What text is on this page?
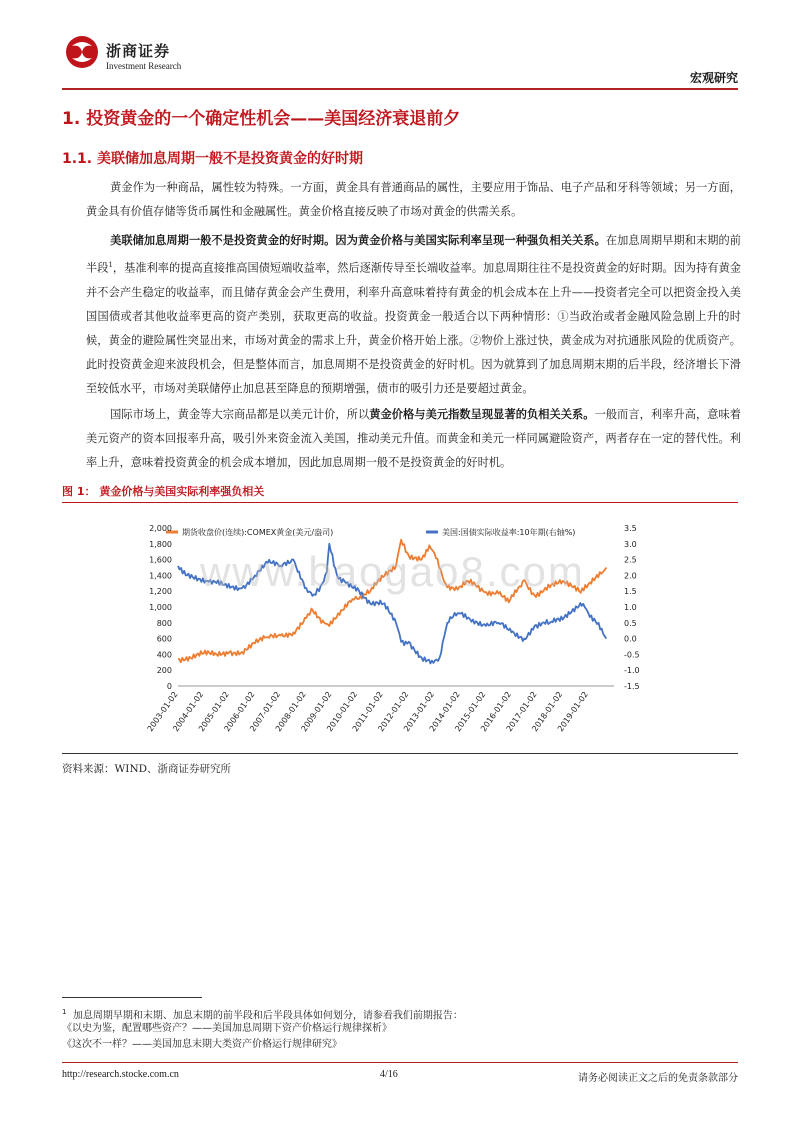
浙商证券
Investment Research
宏观研究
1. 投资黄金的一个确定性机会——美国经济衰退前夕
1.1. 美联储加息周期一般不是投资黄金的好时期
黄金作为一种商品，属性较为特殊。一方面，黄金具有普通商品的属性，主要应用于饰品、电子产品和牙科等领域；另一方面，黄金具有价值存储等货币属性和金融属性。黄金价格直接反映了市场对黄金的供需关系。
美联储加息周期一般不是投资黄金的好时期。因为黄金价格与美国实际利率呈现一种强负相关关系。在加息周期早期和末期的前半段$^1$，基准利率的提高直接推高国债短端收益率，然后逐渐传导至长端收益率。加息周期往往不是投资黄金的好时期。因为持有黄金并不会产生稳定的收益率，而且储存黄金会产生费用，利率升高意味着持有黄金的机会成本在上升——投资者完全可以把资金投入美国国债或者其他收益率更高的资产类别，获取更高的收益。投资黄金一般适合以下两种情形：①当政治或者金融风险急剧上升的时候，黄金的避险属性突显出来，市场对黄金的需求上升，黄金价格开始上涨。②物价上涨过快，黄金成为对抗通胀风险的优质资产。此时投资黄金迎来波段机会，但是整体而言，加息周期不是投资黄金的好时机。因为就算到了加息周期末期的后半段，经济增长下滑至较低水平，市场对美联储停止加息甚至降息的预期增强，债市的吸引力还是要超过黄金。
国际市场上，黄金等大宗商品都是以美元计价，所以黄金价格与美元指数呈现显著的负相关关系。一般而言，利率升高，意味着美元资产的资本回报率升高，吸引外来资金流入美国，推动美元升值。而黄金和美元一样同属避险资产，两者存在一定的替代性。利率上升，意味着投资黄金的机会成本增加，因此加息周期一般不是投资黄金的好时机。
图 1： 黄金价格与美国实际利率强负相关
期货收盘价(连续):COMEX黄金(美元/盎司)	美国:国债实际收益率:10年期(右轴%)
0
200
400
600
800
1,000
1,200
1,400
1,600
1,800
2,000
-1.5
-1.0
-0.5
0.0
0.5
1.0
1.5
2.0
2.5
3.0
3.5
2003-01-02
2004-01-02
2005-01-02
2006-01-02
2007-01-02
2008-01-02
2009-01-02
2010-01-02
2011-01-02
2012-01-02
2013-01-02
2014-01-02
2015-01-02
2016-01-02
2017-01-02
2018-01-02
2019-01-02
www.baogao8.com
资料来源：WIND、浙商证券研究所
$^1$ 加息周期早期和末期、加息末期的前半段和后半段具体如何划分，请参看我们前期报告：
《以史为鉴，配置哪些资产？——美国加息周期下资产价格运行规律探析》
《这次不一样？——美国加息末期大类资产价格运行规律研究》
http://research.stocke.com.cn	4/16	请务必阅读正文之后的免责条款部分
